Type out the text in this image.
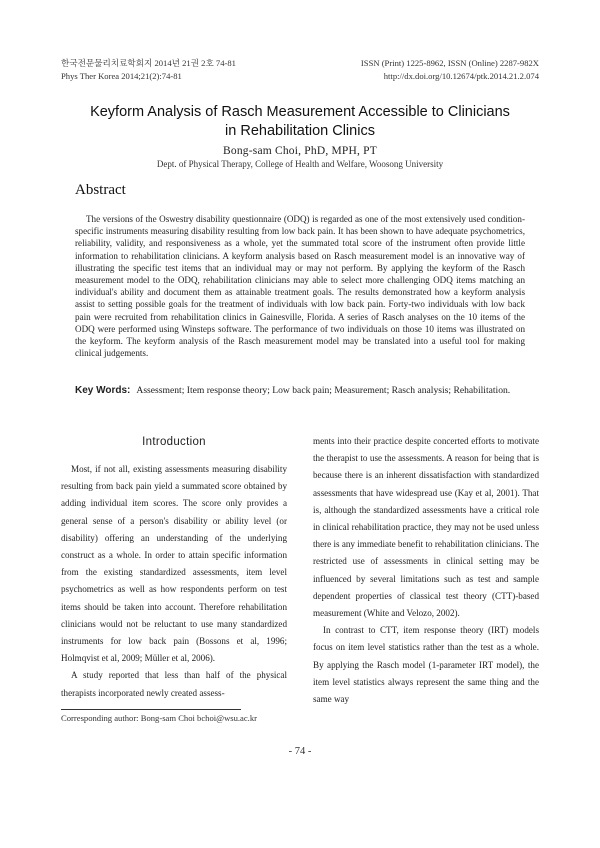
한국전문물리치료학회지 2014년 21권 2호 74-81	ISSN (Print) 1225-8962, ISSN (Online) 2287-982X
Phys Ther Korea 2014;21(2):74-81	http://dx.doi.org/10.12674/ptk.2014.21.2.074
Keyform Analysis of Rasch Measurement Accessible to Clinicians
in Rehabilitation Clinics
Bong-sam Choi, PhD, MPH, PT
Dept. of Physical Therapy, College of Health and Welfare, Woosong University
Abstract

The versions of the Oswestry disability questionnaire (ODQ) is regarded as one of the most extensively used condition-specific instruments measuring disability resulting from low back pain. It has been shown to have adequate psychometrics, reliability, validity, and responsiveness as a whole, yet the summated total score of the instrument often provide little information to rehabilitation clinicians. A keyform analysis based on Rasch measurement model is an innovative way of illustrating the specific test items that an individual may or may not perform. By applying the keyform of the Rasch measurement model to the ODQ, rehabilitation clinicians may able to select more challenging ODQ items matching an individual's ability and document them as attainable treatment goals. The results demonstrated how a keyform analysis assist to setting possible goals for the treatment of individuals with low back pain. Forty-two individuals with low back pain were recruited from rehabilitation clinics in Gainesville, Florida. A series of Rasch analyses on the 10 items of the ODQ were performed using Winsteps software. The performance of two individuals on those 10 items was illustrated on the keyform. The keyform analysis of the Rasch measurement model may be translated into a useful tool for making clinical judgements.

Key Words: Assessment; Item response theory; Low back pain; Measurement; Rasch analysis; Rehabilitation.
Introduction

Most, if not all, existing assessments measuring disability resulting from back pain yield a summated score obtained by adding individual item scores. The score only provides a general sense of a person's disability or ability level (or disability) offering an understanding of the underlying construct as a whole. In order to attain specific information from the existing standardized assessments, item level psychometrics as well as how respondents perform on test items should be taken into account. Therefore rehabilitation clinicians would not be reluctant to use many standardized instruments for low back pain (Bossons et al, 1996; Holmqvist et al, 2009; Müller et al, 2006).

A study reported that less than half of the physical therapists incorporated newly created assess-

ments into their practice despite concerted efforts to motivate the therapist to use the assessments. A reason for being that is because there is an inherent dissatisfaction with standardized assessments that have widespread use (Kay et al, 2001). That is, although the standardized assessments have a critical role in clinical rehabilitation practice, they may not be used unless there is any immediate benefit to rehabilitation clinicians. The restricted use of assessments in clinical setting may be influenced by several limitations such as test and sample dependent properties of classical test theory (CTT)-based measurement (White and Velozo, 2002).

In contrast to CTT, item response theory (IRT) models focus on item level statistics rather than the test as a whole. By applying the Rasch model (1-parameter IRT model), the item level statistics always represent the same thing and the same way

Corresponding author: Bong-sam Choi bchoi@wsu.ac.kr
- 74 -
